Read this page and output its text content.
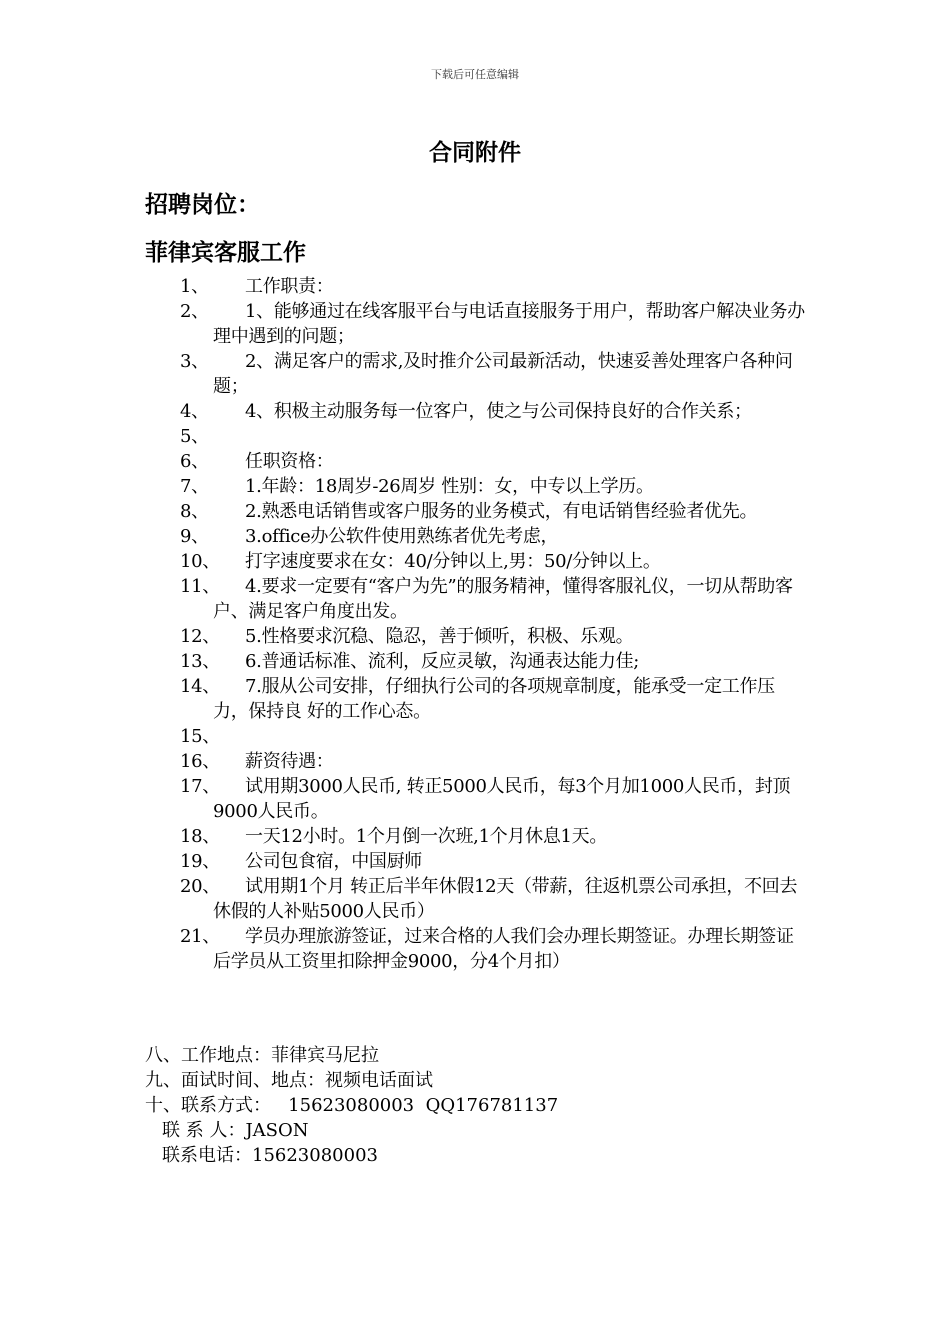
下载后可任意编辑
合同附件
招聘岗位：
菲律宾客服工作
1、	工作职责：
2、	1、能够通过在线客服平台与电话直接服务于用户，帮助客户解决业务办理中遇到的问题；
3、	2、满足客户的需求,及时推介公司最新活动，快速妥善处理客户各种问题；
4、	4、积极主动服务每一位客户，使之与公司保持良好的合作关系；
5、

6、	任职资格：
7、	1.年龄：18周岁-26周岁 性别：女，中专以上学历。
8、	2.熟悉电话销售或客户服务的业务模式，有电话销售经验者优先。
9、	3.office办公软件使用熟练者优先考虑，
10、	打字速度要求在女：40/分钟以上,男：50/分钟以上。
11、	4.要求一定要有“客户为先”的服务精神，懂得客服礼仪，一切从帮助客户、满足客户角度出发。
12、	5.性格要求沉稳、隐忍，善于倾听，积极、乐观。
13、	6.普通话标准、流利，反应灵敏，沟通表达能力佳;
14、	7.服从公司安排，仔细执行公司的各项规章制度，能承受一定工作压力，保持良 好的工作心态。
15、

16、	薪资待遇：
17、	试用期3000人民币, 转正5000人民币，每3个月加1000人民币，封顶9000人民币。
18、	一天12小时。1个月倒一次班,1个月休息1天。
19、	公司包食宿，中国厨师
20、	试用期1个月 转正后半年休假12天（带薪，往返机票公司承担，不回去休假的人补贴5000人民币）
21、	学员办理旅游签证，过来合格的人我们会办理长期签证。办理长期签证后学员从工资里扣除押金9000，分4个月扣）
八、工作地点：菲律宾马尼拉
九、面试时间、地点：视频电话面试
十、联系方式：   15623080003  QQ176781137
联 系 人：JASON
联系电话：15623080003
